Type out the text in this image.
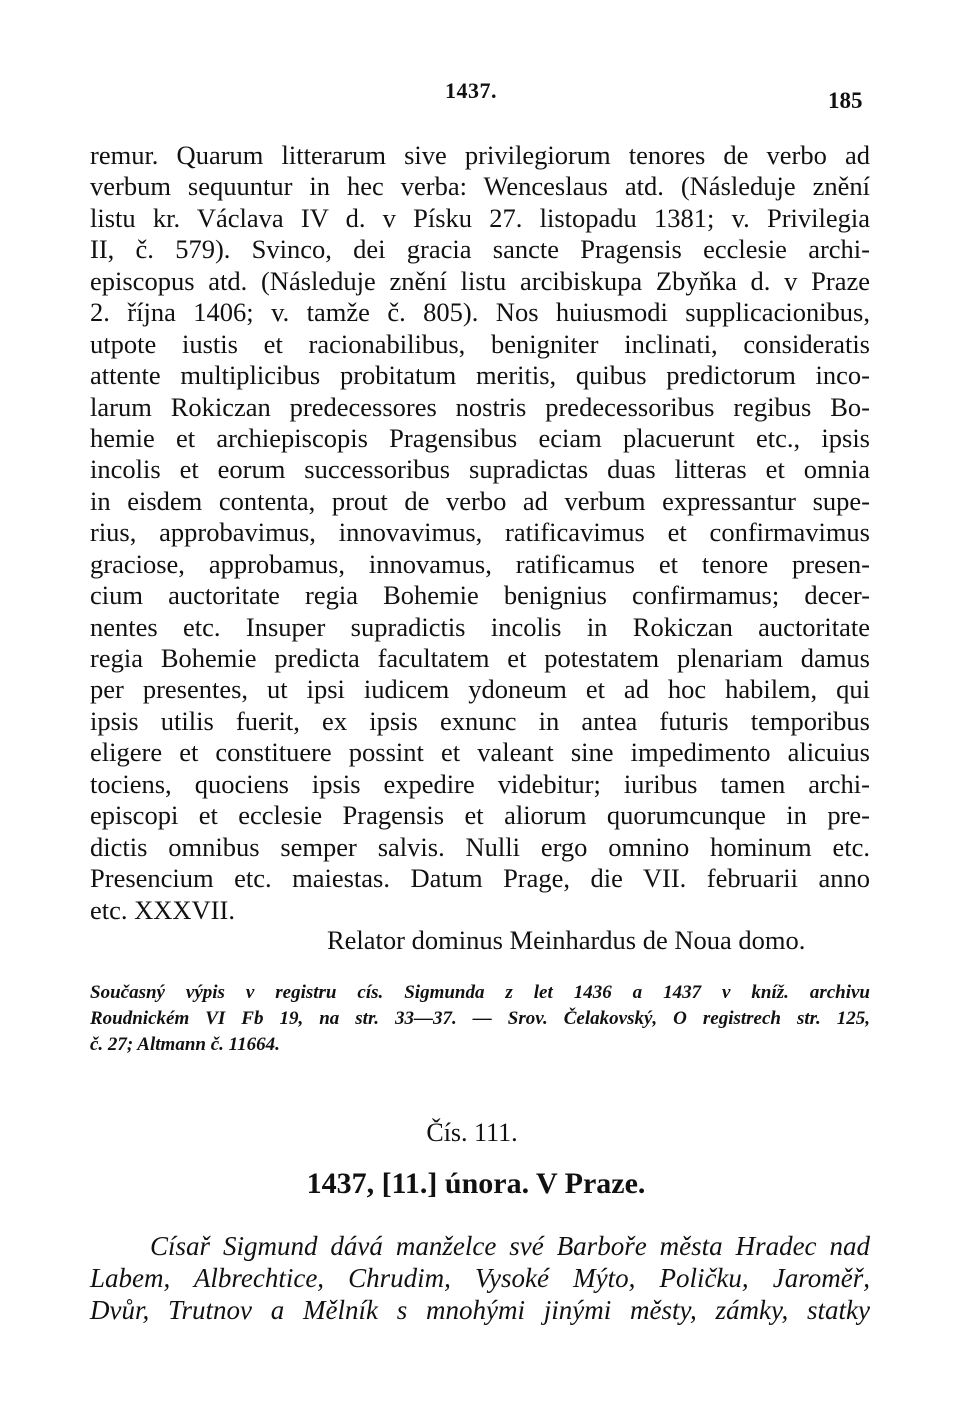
1437.	185
remur. Quarum litterarum sive privilegiorum tenores de verbo ad
verbum sequuntur in hec verba: Wenceslaus atd. (Následuje znění
listu kr. Václava IV d. v Písku 27. listopadu 1381; v. Privilegia
II, č. 579). Svinco, dei gracia sancte Pragensis ecclesie archi-
episcopus atd. (Následuje znění listu arcibiskupa Zbyňka d. v Praze
2. října 1406; v. tamže č. 805). Nos huiusmodi supplicacionibus,
utpote iustis et racionabilibus, benigniter inclinati, consideratis
attente multiplicibus probitatum meritis, quibus predictorum inco-
larum Rokiczan predecessores nostris predecessoribus regibus Bo-
hemie et archiepiscopis Pragensibus eciam placuerunt etc., ipsis
incolis et eorum successoribus supradictas duas litteras et omnia
in eisdem contenta, prout de verbo ad verbum expressantur supe-
rius, approbavimus, innovavimus, ratificavimus et confirmavimus
graciose, approbamus, innovamus, ratificamus et tenore presen-
cium auctoritate regia Bohemie benignius confirmamus; decer-
nentes etc. Insuper supradictis incolis in Rokiczan auctoritate
regia Bohemie predicta facultatem et potestatem plenariam damus
per presentes, ut ipsi iudicem ydoneum et ad hoc habilem, qui
ipsis utilis fuerit, ex ipsis exnunc in antea futuris temporibus
eligere et constituere possint et valeant sine impedimento alicuius
tociens, quociens ipsis expedire videbitur; iuribus tamen archi-
episcopi et ecclesie Pragensis et aliorum quorumcunque in pre-
dictis omnibus semper salvis. Nulli ergo omnino hominum etc.
Presencium etc. maiestas. Datum Prage, die VII. februarii anno
etc. XXXVII.
Relator dominus Meinhardus de Noua domo.
Současný výpis v registru cís. Sigmunda z let 1436 a 1437 v kníž. archivu
Roudnickém VI Fb 19, na str. 33—37. — Srov. Čelakovský, O registrech str. 125,
č. 27; Altmann č. 11664.
Čís. 111.
1437, [11.] února. V Praze.
Císař Sigmund dává manželce své Barboře města Hradec nad
Labem, Albrechtice, Chrudim, Vysoké Mýto, Poličku, Jaroměř,
Dvůr, Trutnov a Mělník s mnohými jinými městy, zámky, statky
